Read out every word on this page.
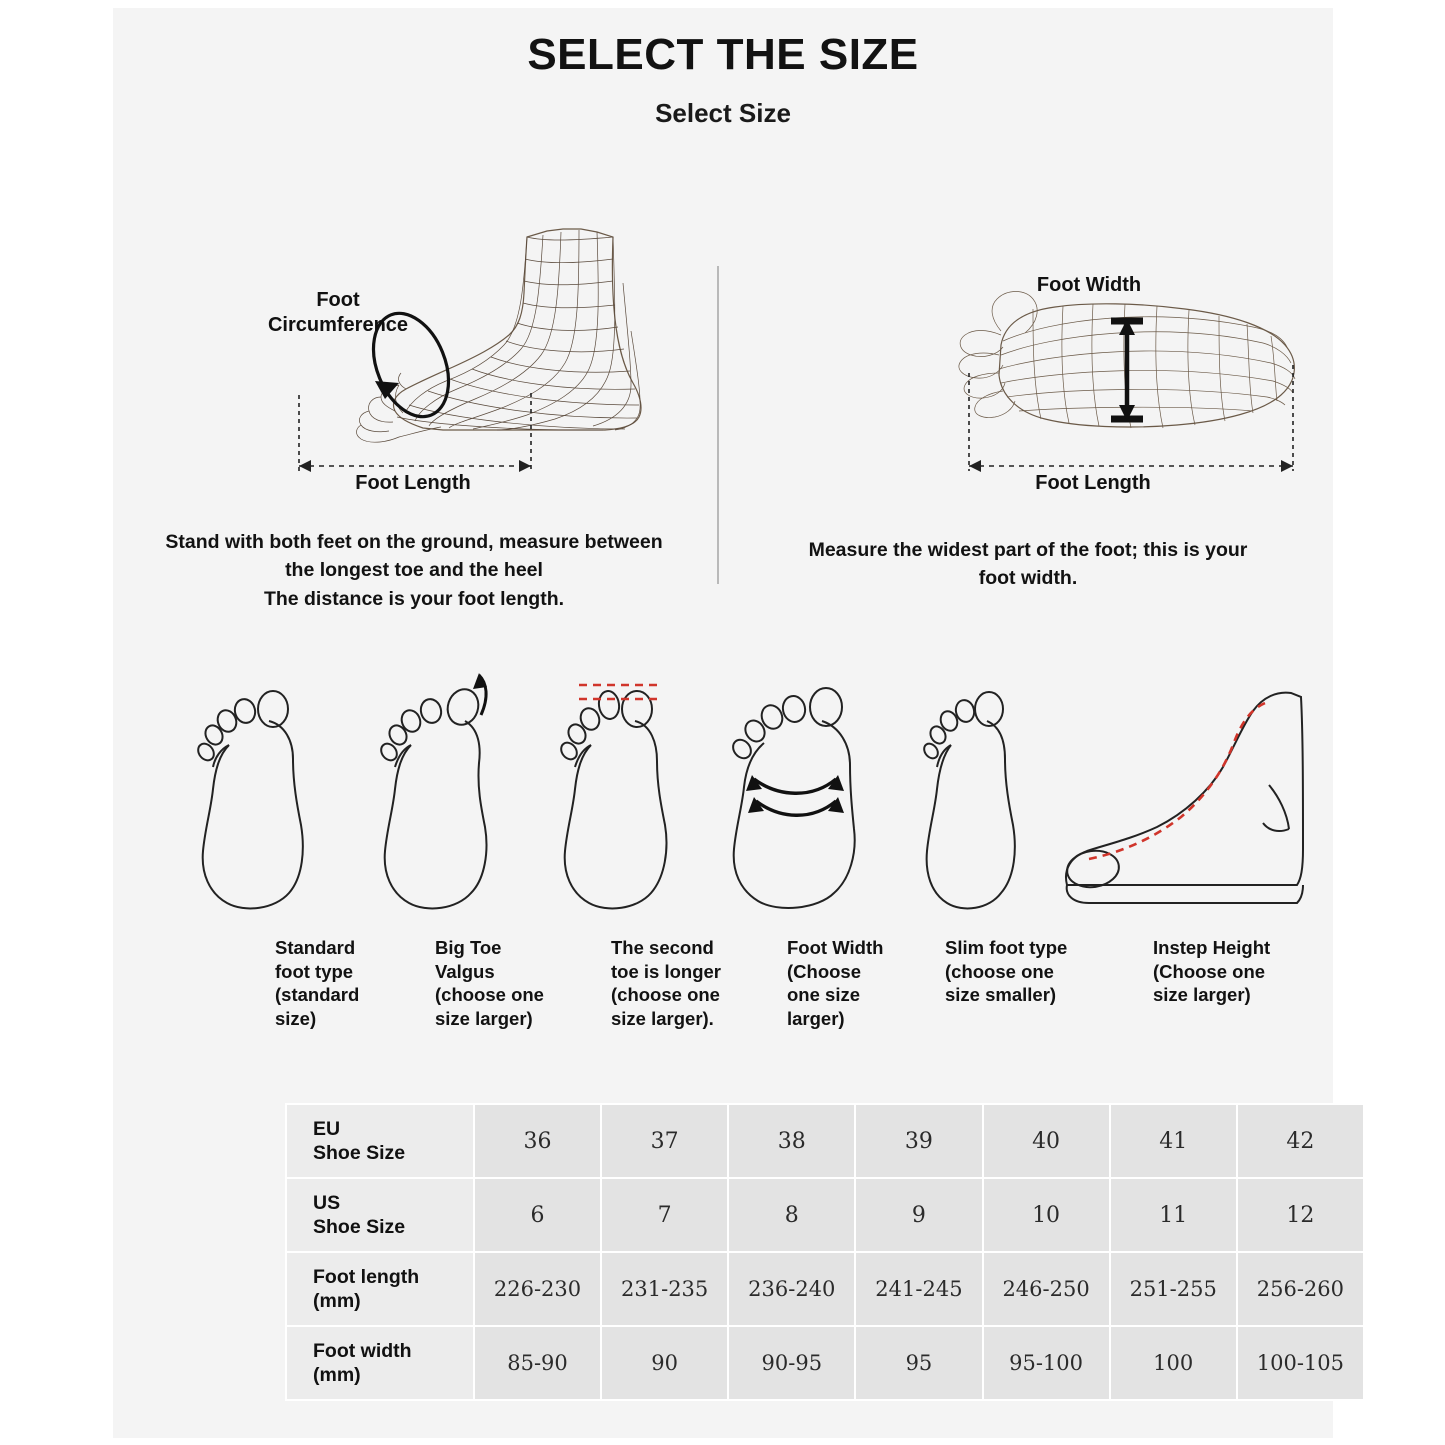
SELECT THE SIZE
Select Size
Foot
Circumference
Foot Length
Foot Width
Foot Length
Stand with both feet on the ground, measure between
the longest toe and the heel
The distance is your foot length.
Measure the widest part of the foot; this is your
foot width.
Standard
foot type
(standard
size)
Big Toe
Valgus
(choose one
size larger)
The second
toe is longer
(choose one
size larger).
Foot Width
(Choose
one size
larger)
Slim foot type
(choose one
size smaller)
Instep Height
(Choose one
size larger)
EU
Shoe Size	36	37	38	39	40	41	42
US
Shoe Size	6	7	8	9	10	11	12
Foot length
(mm)	226-230	231-235	236-240	241-245	246-250	251-255	256-260
Foot width
(mm)	85-90	90	90-95	95	95-100	100	100-105
